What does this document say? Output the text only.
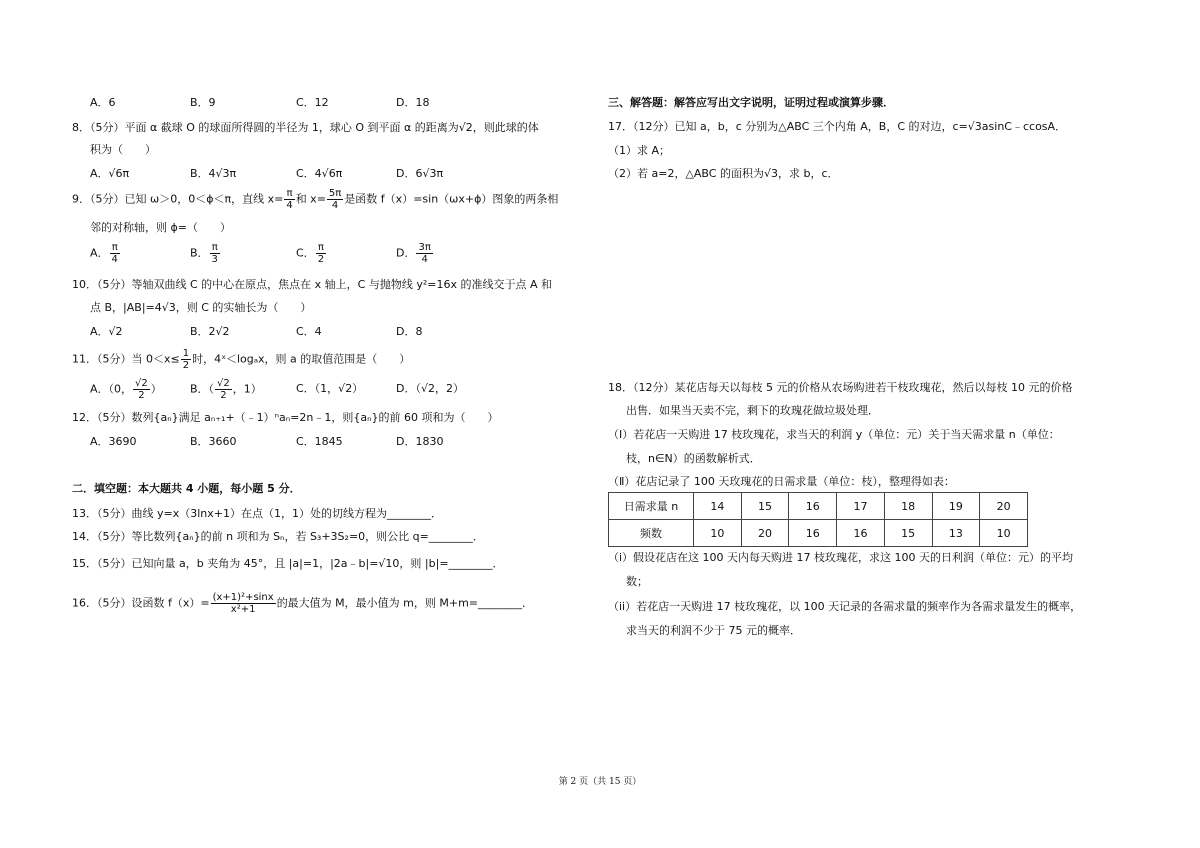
A．6	B．9	C．12	D．18
8．（5分）平面 α 截球 O 的球面所得圆的半径为 1，球心 O 到平面 α 的距离为√2，则此球的体
积为（　　）
A．√6π	B．4√3π	C．4√6π	D．6√3π
9．（5分）已知 ω＞0，0＜ϕ＜π，直线 $x= \frac{\pi}{4}$ 和 $x= \frac{5\pi}{4}$ 是函数 f（x）=sin（ωx+ϕ）图象的两条相
邻的对称轴，则 ϕ=（　　）
A． $\frac{\pi}{4}$	B． $\frac{\pi}{3}$	C． $\frac{\pi}{2}$	D． $\frac{3\pi}{4}$
10．（5分）等轴双曲线 C 的中心在原点，焦点在 x 轴上，C 与抛物线 y²=16x 的准线交于点 A 和
点 B，|AB|=4√3，则 C 的实轴长为（　　）
A．√2	B．2√2	C．4	D．8
11．（5分）当 $0<x\le \frac{1}{2}$ 时，4ˣ＜logₐx，则 a 的取值范围是（　　）
A．（0， $\frac{√2}{2}$ ）	B．（ $\frac{√2}{2}$ ，1）	C．（1，√2）	D．（√2，2）
12．（5分）数列{aₙ}满足 aₙ₊₁+（﹣1）ⁿaₙ=2n﹣1，则{aₙ}的前 60 项和为（　　）
A．3690	B．3660	C．1845	D．1830
二．填空题：本大题共 4 小题，每小题 5 分．
13．（5分）曲线 y=x（3lnx+1）在点（1，1）处的切线方程为________．
14．（5分）等比数列{aₙ}的前 n 项和为 Sₙ，若 S₃+3S₂=0，则公比 q=________．
15．（5分）已知向量 a，b 夹角为 45°，且 |a|=1，|2a﹣b|=√10，则 |b|=________．
16．（5分）设函数 $f(x)= \frac{\text{(x+1)²+sinx}}{\text{x²+1}}$ 的最大值为 M，最小值为 m，则 M+m=________．
三、解答题：解答应写出文字说明，证明过程或演算步骤．
17．（12分）已知 a，b，c 分别为△ABC 三个内角 A，B，C 的对边，c=√3asinC﹣ccosA．
（1）求 A；
（2）若 a=2，△ABC 的面积为√3，求 b，c．
18．（12分）某花店每天以每枝 5 元的价格从农场购进若干枝玫瑰花，然后以每枝 10 元的价格
出售．如果当天卖不完，剩下的玫瑰花做垃圾处理．
（Ⅰ）若花店一天购进 17 枝玫瑰花，求当天的利润 y（单位：元）关于当天需求量 n（单位：
枝，n∈N）的函数解析式．
（Ⅱ）花店记录了 100 天玫瑰花的日需求量（单位：枝），整理得如表：
日需求量 n	14	15	16	17	18	19	20
频数	10	20	16	16	15	13	10
（i）假设花店在这 100 天内每天购进 17 枝玫瑰花，求这 100 天的日利润（单位：元）的平均
数；
（ii）若花店一天购进 17 枝玫瑰花，以 100 天记录的各需求量的频率作为各需求量发生的概率，
求当天的利润不少于 75 元的概率．
第 2 页（共 15 页）
